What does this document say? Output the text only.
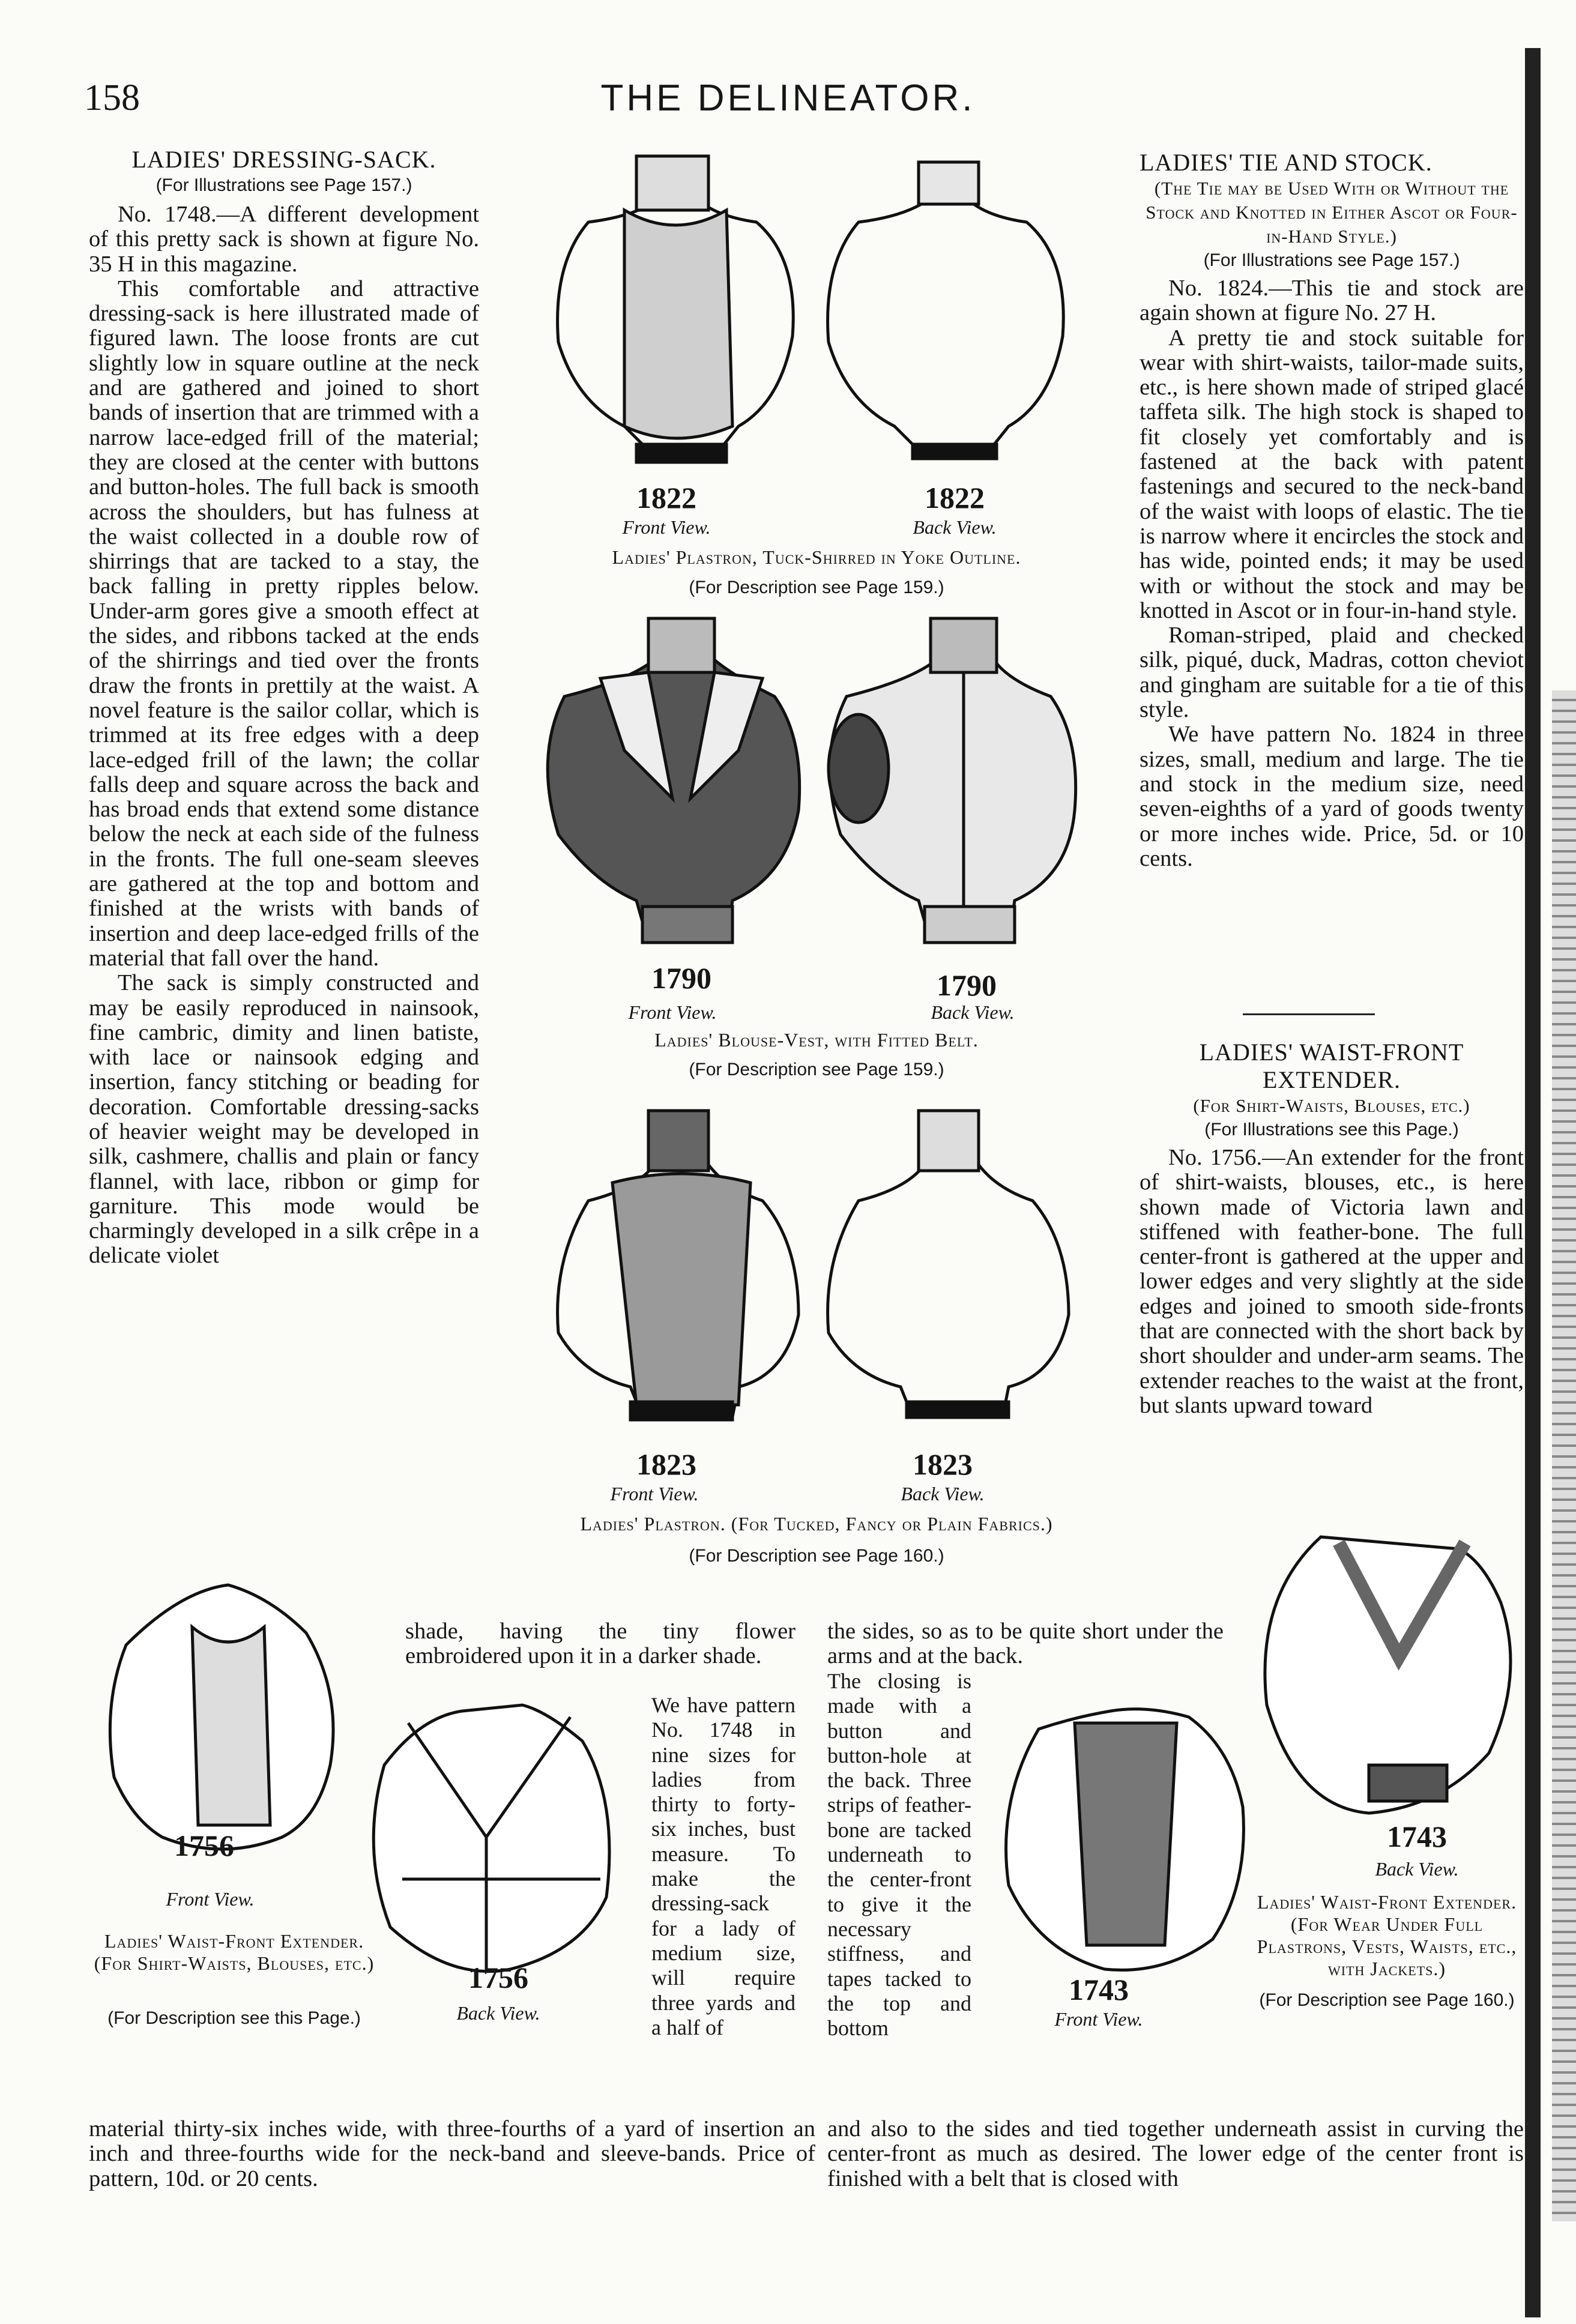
158	THE DELINEATOR.
LADIES' DRESSING-SACK.
(For Illustrations see Page 157.)

No. 1748.—A different development of this pretty sack is shown at figure No. 35 H in this magazine.

This comfortable and attractive dressing-sack is here illustrated made of figured lawn. The loose fronts are cut slightly low in square outline at the neck and are gathered and joined to short bands of insertion that are trimmed with a narrow lace-edged frill of the material; they are closed at the center with buttons and button-holes. The full back is smooth across the shoulders, but has fulness at the waist collected in a double row of shirrings that are tacked to a stay, the back falling in pretty ripples below. Under-arm gores give a smooth effect at the sides, and ribbons tacked at the ends of the shirrings and tied over the fronts draw the fronts in prettily at the waist. A novel feature is the sailor collar, which is trimmed at its free edges with a deep lace-edged frill of the lawn; the collar falls deep and square across the back and has broad ends that extend some distance below the neck at each side of the fulness in the fronts. The full one-seam sleeves are gathered at the top and bottom and finished at the wrists with bands of insertion and deep lace-edged frills of the material that fall over the hand.

The sack is simply constructed and may be easily reproduced in nainsook, fine cambric, dimity and linen batiste, with lace or nainsook edging and insertion, fancy stitching or beading for decoration. Comfortable dressing-sacks of heavier weight may be developed in silk, cashmere, challis and plain or fancy flannel, with lace, ribbon or gimp for garniture. This mode would be charmingly developed in a silk crêpe in a delicate violet

LADIES' TIE AND STOCK.
(The Tie may be Used With or Without the Stock and Knotted in Either Ascot or Four-in-Hand Style.)
(For Illustrations see Page 157.)

No. 1824.—This tie and stock are again shown at figure No. 27 H.

A pretty tie and stock suitable for wear with shirt-waists, tailor-made suits, etc., is here shown made of striped glacé taffeta silk. The high stock is shaped to fit closely yet comfortably and is fastened at the back with patent fastenings and secured to the neck-band of the waist with loops of elastic. The tie is narrow where it encircles the stock and has wide, pointed ends; it may be used with or without the stock and may be knotted in Ascot or in four-in-hand style.

Roman-striped, plaid and checked silk, piqué, duck, Madras, cotton cheviot and gingham are suitable for a tie of this style.

We have pattern No. 1824 in three sizes, small, medium and large. The tie and stock in the medium size, need seven-eighths of a yard of goods twenty or more inches wide. Price, 5d. or 10 cents.

LADIES' WAIST-FRONT EXTENDER.
(For Shirt-Waists, Blouses, etc.)
(For Illustrations see this Page.)

No. 1756.—An extender for the front of shirt-waists, blouses, etc., is here shown made of Victoria lawn and stiffened with feather-bone. The full center-front is gathered at the upper and lower edges and very slightly at the side edges and joined to smooth side-fronts that are connected with the short back by short shoulder and under-arm seams. The extender reaches to the waist at the front, but slants upward toward

1822	1822
Front View.	Back View.
Ladies' Plastron, Tuck-Shirred in Yoke Outline.
(For Description see Page 159.)
1790	1790
Front View.	Back View.
Ladies' Blouse-Vest, with Fitted Belt.
(For Description see Page 159.)
1823	1823
Front View.	Back View.
Ladies' Plastron. (For Tucked, Fancy or Plain Fabrics.)
(For Description see Page 160.)
1756
Front View.
1756
Back View.
Ladies' Waist-Front Extender. (For Shirt-Waists, Blouses, etc.)
(For Description see this Page.)
shade, having the tiny flower embroidered upon it in a darker shade.
We have pattern No. 1748 in nine sizes for ladies from thirty to forty-six inches, bust measure. To make the dressing-sack for a lady of medium size, will require three yards and a half of
the sides, so as to be quite short under the arms and at the back.
The closing is made with a button and button-hole at the back. Three strips of feather-bone are tacked underneath to the center-front to give it the necessary stiffness, and tapes tacked to the top and bottom
1743
Front View.
1743
Back View.
Ladies' Waist-Front Extender. (For Wear Under Full Plastrons, Vests, Waists, etc., with Jackets.)
(For Description see Page 160.)
material thirty-six inches wide, with three-fourths of a yard of insertion an inch and three-fourths wide for the neck-band and sleeve-bands. Price of pattern, 10d. or 20 cents.
and also to the sides and tied together underneath assist in curving the center-front as much as desired. The lower edge of the center front is finished with a belt that is closed with
